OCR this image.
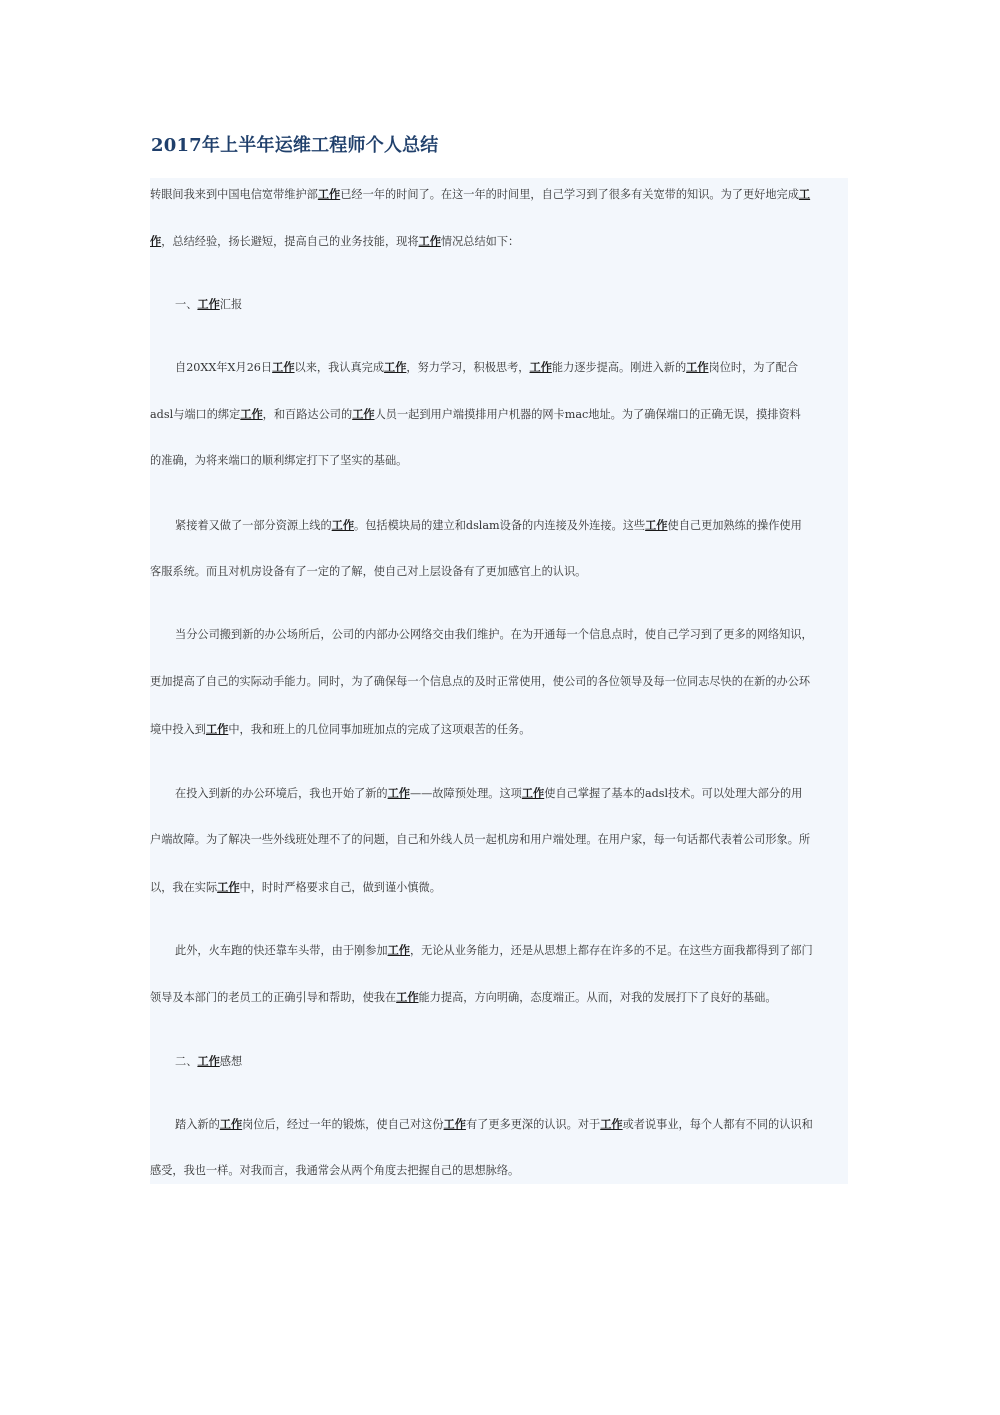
2017年上半年运维工程师个人总结

转眼间我来到中国电信宽带维护部工作已经一年的时间了。在这一年的时间里，自己学习到了很多有关宽带的知识。为了更好地完成工

作，总结经验，扬长避短，提高自己的业务技能，现将工作情况总结如下：

一、工作汇报

自20XX年X月26日工作以来，我认真完成工作，努力学习，积极思考，工作能力逐步提高。刚进入新的工作岗位时，为了配合

adsl与端口的绑定工作，和百路达公司的工作人员一起到用户端摸排用户机器的网卡mac地址。为了确保端口的正确无误，摸排资料

的准确，为将来端口的顺利绑定打下了坚实的基础。

紧接着又做了一部分资源上线的工作。包括模块局的建立和dslam设备的内连接及外连接。这些工作使自己更加熟练的操作使用

客服系统。而且对机房设备有了一定的了解，使自己对上层设备有了更加感官上的认识。

当分公司搬到新的办公场所后，公司的内部办公网络交由我们维护。在为开通每一个信息点时，使自己学习到了更多的网络知识，

更加提高了自己的实际动手能力。同时，为了确保每一个信息点的及时正常使用，使公司的各位领导及每一位同志尽快的在新的办公环

境中投入到工作中，我和班上的几位同事加班加点的完成了这项艰苦的任务。

在投入到新的办公环境后，我也开始了新的工作——故障预处理。这项工作使自己掌握了基本的adsl技术。可以处理大部分的用

户端故障。为了解决一些外线班处理不了的问题，自己和外线人员一起机房和用户端处理。在用户家，每一句话都代表着公司形象。所

以，我在实际工作中，时时严格要求自己，做到谨小慎微。

此外，火车跑的快还靠车头带，由于刚参加工作，无论从业务能力，还是从思想上都存在许多的不足。在这些方面我都得到了部门

领导及本部门的老员工的正确引导和帮助，使我在工作能力提高，方向明确，态度端正。从而，对我的发展打下了良好的基础。

二、工作感想

踏入新的工作岗位后，经过一年的锻炼，使自己对这份工作有了更多更深的认识。对于工作或者说事业，每个人都有不同的认识和

感受，我也一样。对我而言，我通常会从两个角度去把握自己的思想脉络。
